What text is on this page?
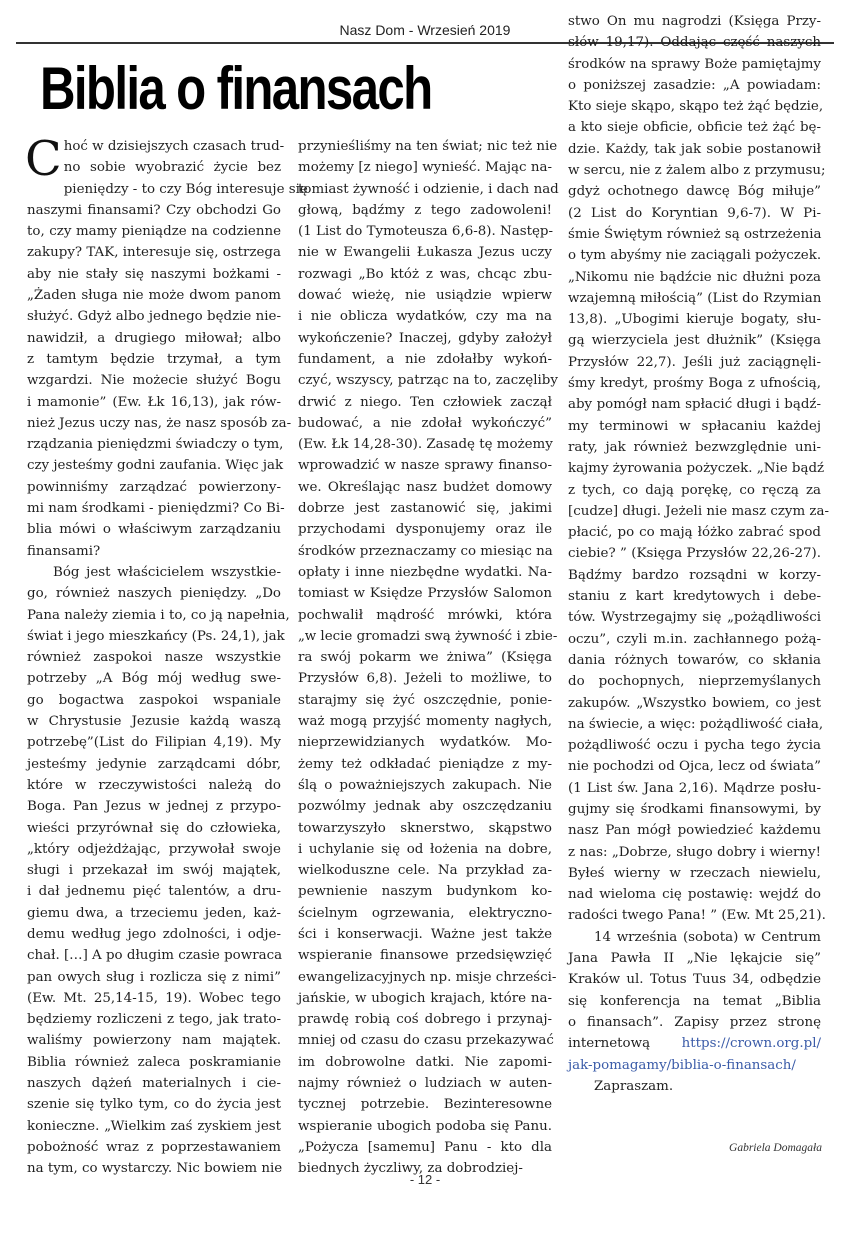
Nasz Dom - Wrzesień 2019
Biblia o finansach
C hoć w dzisiejszych czasach trud-
no sobie wyobrazić życie bez
pieniędzy - to czy Bóg interesuje się
naszymi finansami? Czy obchodzi Go
to, czy mamy pieniądze na codzienne
zakupy? TAK, interesuje się, ostrzega
aby nie stały się naszymi bożkami -
„Żaden sługa nie może dwom panom
służyć. Gdyż albo jednego będzie nie-
nawidził, a drugiego miłował; albo
z tamtym będzie trzymał, a tym
wzgardzi. Nie możecie służyć Bogu
i mamonie” (Ew. Łk 16,13), jak rów-
nież Jezus uczy nas, że nasz sposób za-
rządzania pieniędzmi świadczy o tym,
czy jesteśmy godni zaufania. Więc jak
powinniśmy zarządzać powierzony-
mi nam środkami - pieniędzmi? Co Bi-
blia mówi o właściwym zarządzaniu
finansami?
Bóg jest właścicielem wszystkie-
go, również naszych pieniędzy. „Do
Pana należy ziemia i to, co ją napełnia,
świat i jego mieszkańcy (Ps. 24,1), jak
również zaspokoi nasze wszystkie
potrzeby „A Bóg mój według swe-
go bogactwa zaspokoi wspaniale
w Chrystusie Jezusie każdą waszą
potrzebę”(List do Filipian 4,19). My
jesteśmy jedynie zarządcami dóbr,
które w rzeczywistości należą do
Boga. Pan Jezus w jednej z przypo-
wieści przyrównał się do człowieka,
„który odjeżdżając, przywołał swoje
sługi i przekazał im swój majątek,
i dał jednemu pięć talentów, a dru-
giemu dwa, a trzeciemu jeden, każ-
demu według jego zdolności, i odje-
chał. […] A po długim czasie powraca
pan owych sług i rozlicza się z nimi”
(Ew. Mt. 25,14-15, 19). Wobec tego
będziemy rozliczeni z tego, jak trato-
waliśmy powierzony nam majątek.
Biblia również zaleca poskramianie
naszych dążeń materialnych i cie-
szenie się tylko tym, co do życia jest
konieczne. „Wielkim zaś zyskiem jest
pobożność wraz z poprzestawaniem
na tym, co wystarczy. Nic bowiem nie
przynieśliśmy na ten świat; nic też nie
możemy [z niego] wynieść. Mając na-
tomiast żywność i odzienie, i dach nad
głową, bądźmy z tego zadowoleni!
(1 List do Tymoteusza 6,6-8). Następ-
nie w Ewangelii Łukasza Jezus uczy
rozwagi „Bo któż z was, chcąc zbu-
dować wieżę, nie usiądzie wpierw
i nie oblicza wydatków, czy ma na
wykończenie? Inaczej, gdyby założył
fundament, a nie zdołałby wykoń-
czyć, wszyscy, patrząc na to, zaczęliby
drwić z niego. Ten człowiek zaczął
budować, a nie zdołał wykończyć”
(Ew. Łk 14,28-30). Zasadę tę możemy
wprowadzić w nasze sprawy finanso-
we. Określając nasz budżet domowy
dobrze jest zastanowić się, jakimi
przychodami dysponujemy oraz ile
środków przeznaczamy co miesiąc na
opłaty i inne niezbędne wydatki. Na-
tomiast w Księdze Przysłów Salomon
pochwalił mądrość mrówki, która
„w lecie gromadzi swą żywność i zbie-
ra swój pokarm we żniwa” (Księga
Przysłów 6,8). Jeżeli to możliwe, to
starajmy się żyć oszczędnie, ponie-
waż mogą przyjść momenty nagłych,
nieprzewidzianych wydatków. Mo-
żemy też odkładać pieniądze z my-
ślą o poważniejszych zakupach. Nie
pozwólmy jednak aby oszczędzaniu
towarzyszyło sknerstwo, skąpstwo
i uchylanie się od łożenia na dobre,
wielkoduszne cele. Na przykład za-
pewnienie naszym budynkom ko-
ścielnym ogrzewania, elektryczno-
ści i konserwacji. Ważne jest także
wspieranie finansowe przedsięwzięć
ewangelizacyjnych np. misje chrześci-
jańskie, w ubogich krajach, które na-
prawdę robią coś dobrego i przynaj-
mniej od czasu do czasu przekazywać
im dobrowolne datki. Nie zapomi-
najmy również o ludziach w auten-
tycznej potrzebie. Bezinteresowne
wspieranie ubogich podoba się Panu.
„Pożycza [samemu] Panu - kto dla
biednych życzliwy, za dobrodziej-
stwo On mu nagrodzi (Księga Przy-
słów 19,17). Oddając część naszych
środków na sprawy Boże pamiętajmy
o poniższej zasadzie: „A powiadam:
Kto sieje skąpo, skąpo też żąć będzie,
a kto sieje obficie, obficie też żąć bę-
dzie. Każdy, tak jak sobie postanowił
w sercu, nie z żalem albo z przymusu;
gdyż ochotnego dawcę Bóg miłuje”
(2 List do Koryntian 9,6-7). W Pi-
śmie Świętym również są ostrzeżenia
o tym abyśmy nie zaciągali pożyczek.
„Nikomu nie bądźcie nic dłużni poza
wzajemną miłością” (List do Rzymian
13,8). „Ubogimi kieruje bogaty, słu-
gą wierzyciela jest dłużnik” (Księga
Przysłów 22,7). Jeśli już zaciągnęli-
śmy kredyt, prośmy Boga z ufnością,
aby pomógł nam spłacić długi i bądź-
my terminowi w spłacaniu każdej
raty, jak również bezwzględnie uni-
kajmy żyrowania pożyczek. „Nie bądź
z tych, co dają porękę, co ręczą za
[cudze] długi. Jeżeli nie masz czym za-
płacić, po co mają łóżko zabrać spod
ciebie? ” (Księga Przysłów 22,26-27).
Bądźmy bardzo rozsądni w korzy-
staniu z kart kredytowych i debe-
tów. Wystrzegajmy się „pożądliwości
oczu”, czyli m.in. zachłannego pożą-
dania różnych towarów, co skłania
do pochopnych, nieprzemyślanych
zakupów. „Wszystko bowiem, co jest
na świecie, a więc: pożądliwość ciała,
pożądliwość oczu i pycha tego życia
nie pochodzi od Ojca, lecz od świata”
(1 List św. Jana 2,16). Mądrze posłu-
gujmy się środkami finansowymi, by
nasz Pan mógł powiedzieć każdemu
z nas: „Dobrze, sługo dobry i wierny!
Byłeś wierny w rzeczach niewielu,
nad wieloma cię postawię: wejdź do
radości twego Pana! ” (Ew. Mt 25,21).
14 września (sobota) w Centrum
Jana Pawła II „Nie lękajcie się”
Kraków ul. Totus Tuus 34, odbędzie
się konferencja na temat „Biblia
o finansach”. Zapisy przez stronę
internetową https://crown.org.pl/
jak-pomagamy/biblia-o-finansach/
Zapraszam.
Gabriela Domagała
- 12 -
